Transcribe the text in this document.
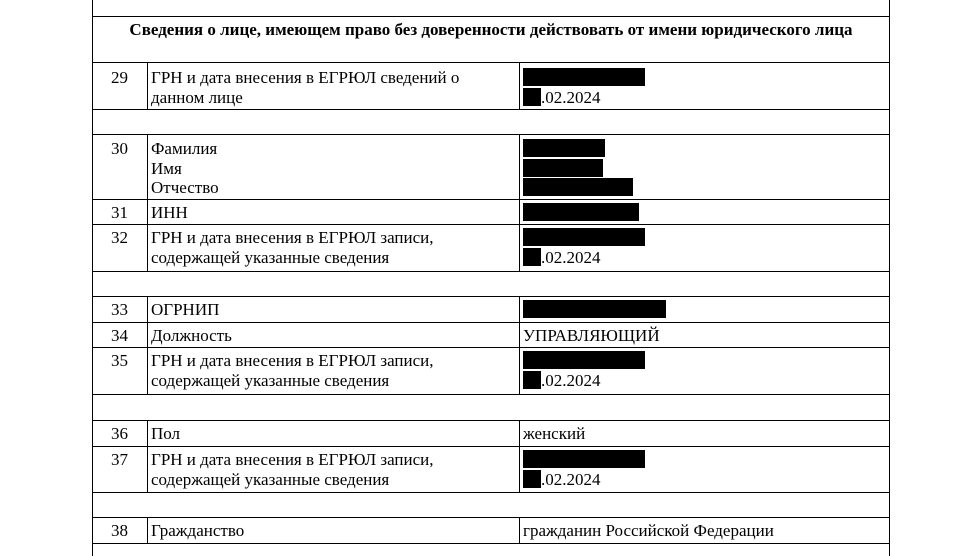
Сведения о лице, имеющем право без доверенности действовать от имени юридического лица
29	ГРН и дата внесения в ЕГРЮЛ сведений о
данном лице	.02.2024
30	Фамилия
Имя
Отчество
31	ИНН
32	ГРН и дата внесения в ЕГРЮЛ записи,
содержащей указанные сведения	.02.2024
33	ОГРНИП
34	Должность	УПРАВЛЯЮЩИЙ
35	ГРН и дата внесения в ЕГРЮЛ записи,
содержащей указанные сведения	.02.2024
36	Пол	женский
37	ГРН и дата внесения в ЕГРЮЛ записи,
содержащей указанные сведения	.02.2024
38	Гражданство	гражданин Российской Федерации
